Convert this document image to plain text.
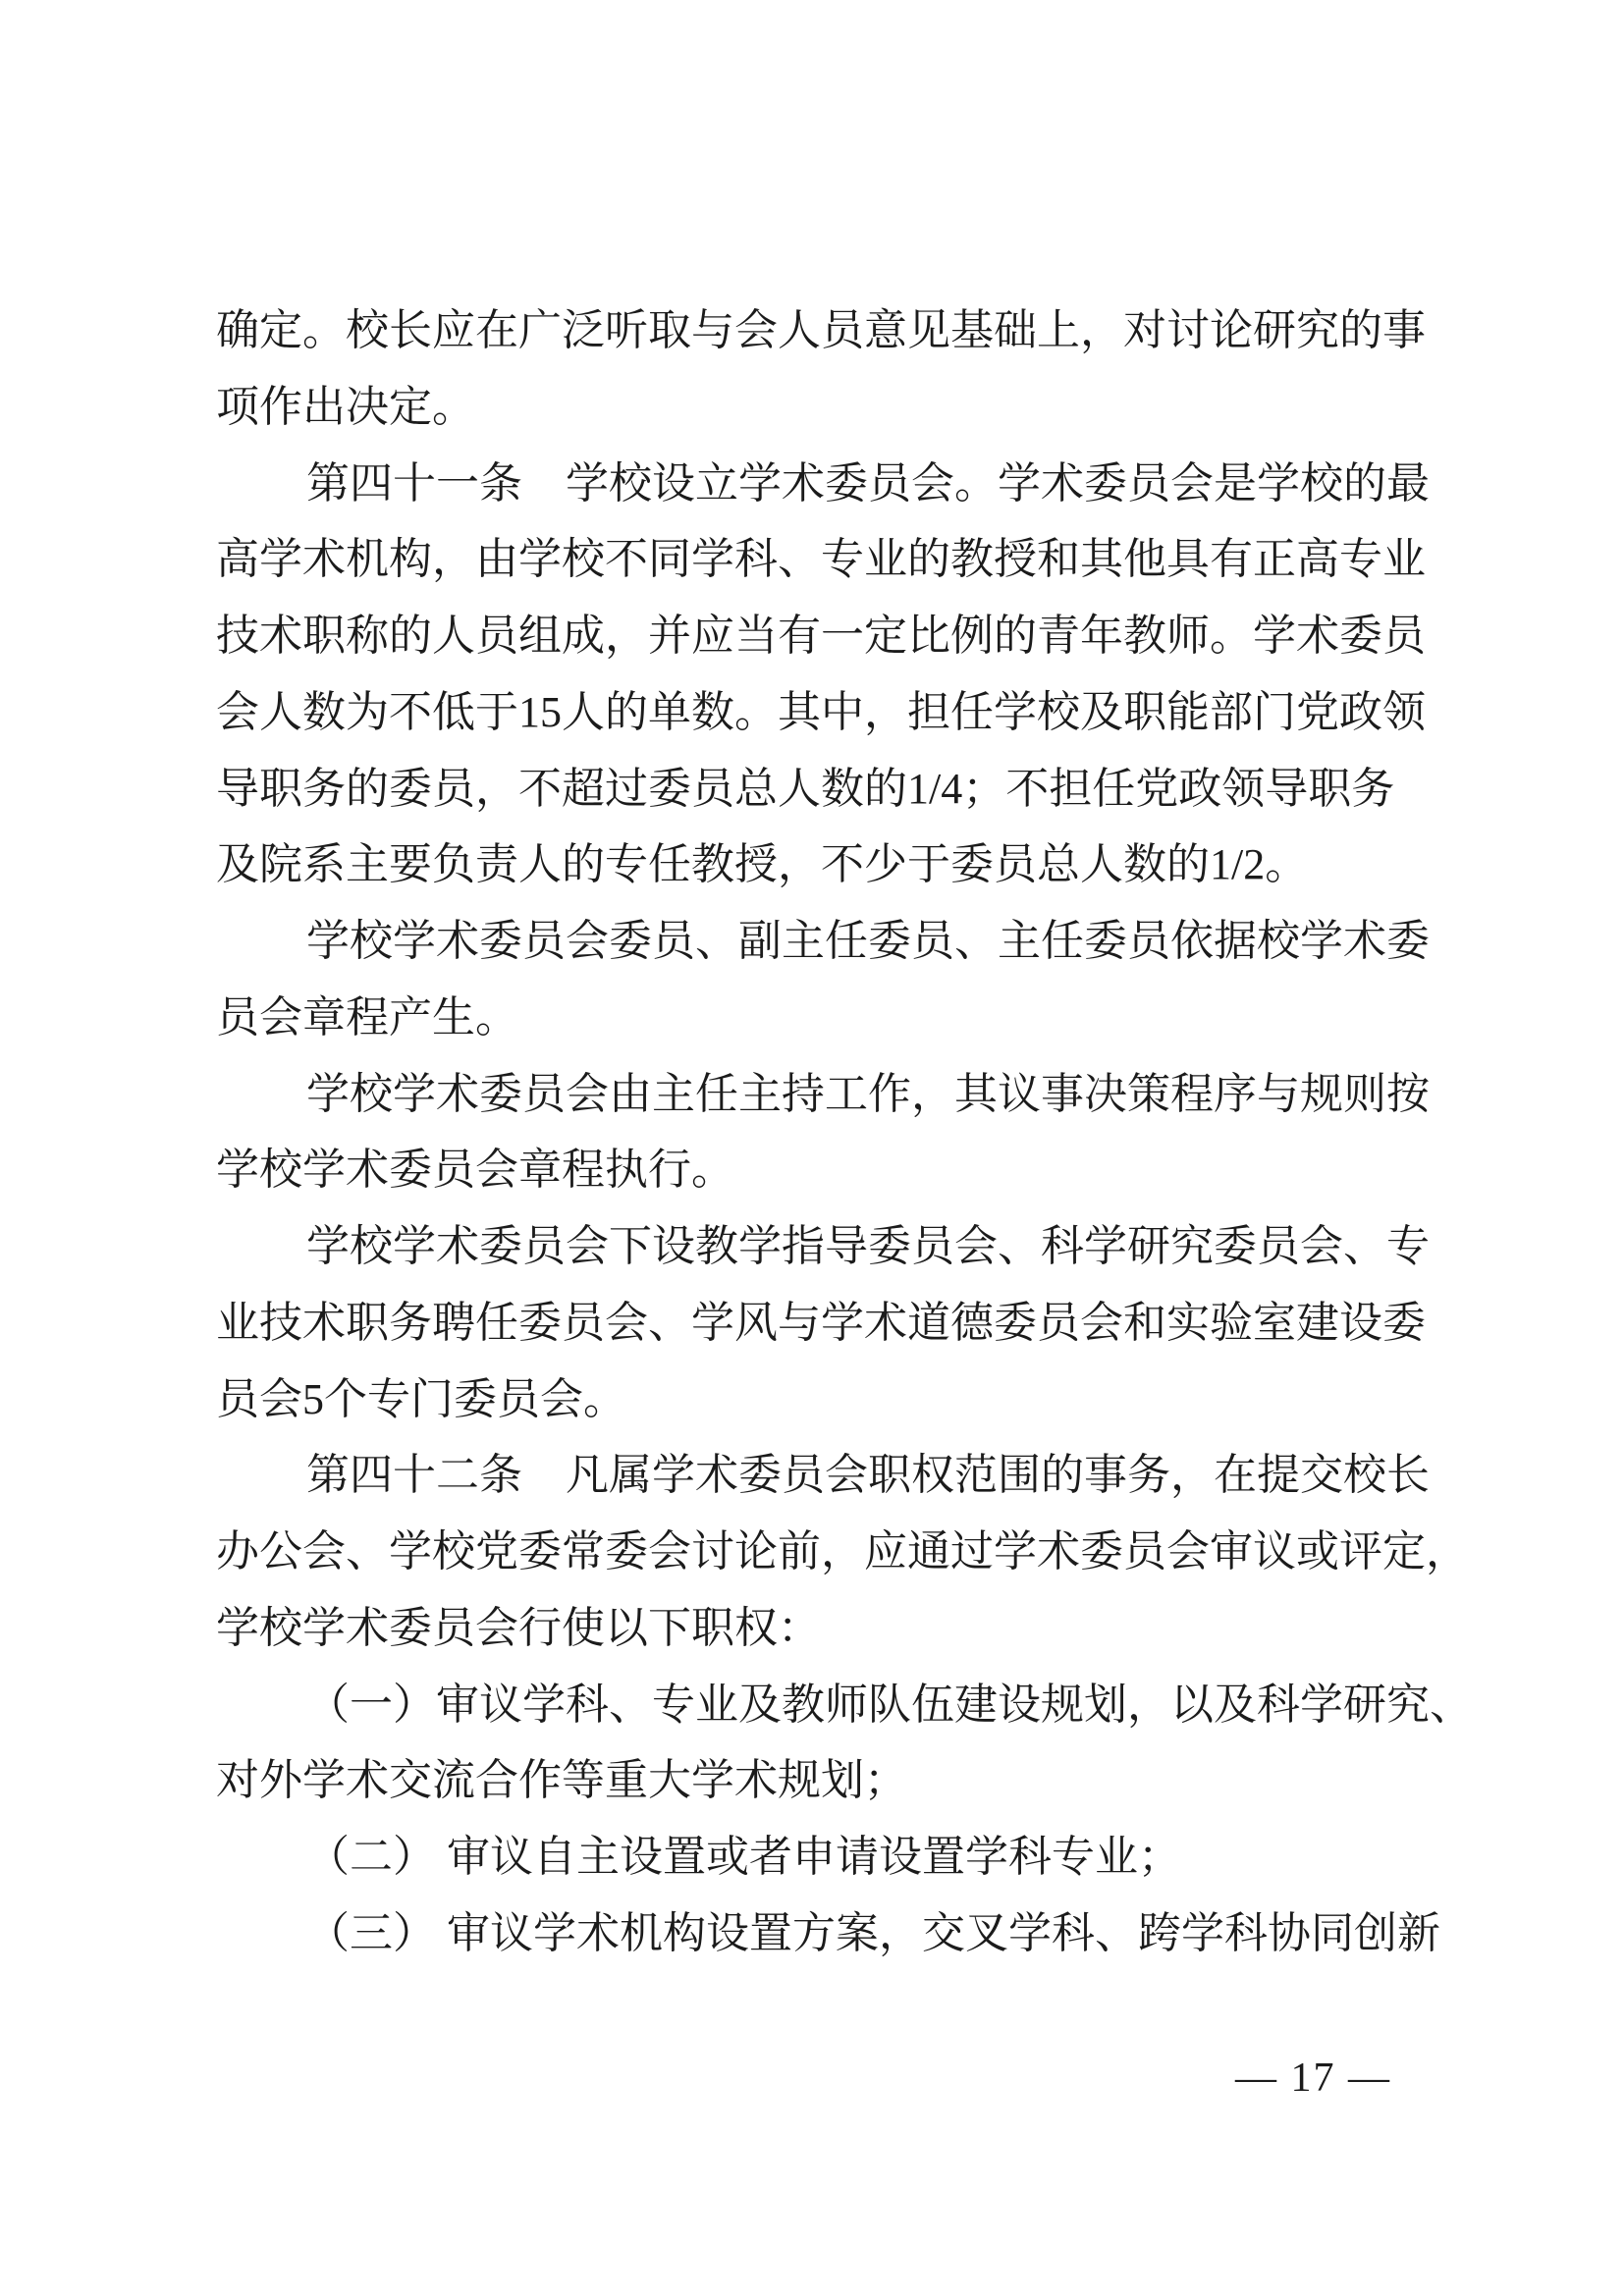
确定。校长应在广泛听取与会人员意见基础上，对讨论研究的事
项作出决定。
第四十一条　学校设立学术委员会。学术委员会是学校的最
高学术机构，由学校不同学科、专业的教授和其他具有正高专业
技术职称的人员组成，并应当有一定比例的青年教师。学术委员
会人数为不低于15人的单数。其中，担任学校及职能部门党政领
导职务的委员，不超过委员总人数的1/4；不担任党政领导职务
及院系主要负责人的专任教授，不少于委员总人数的1/2。
学校学术委员会委员、副主任委员、主任委员依据校学术委
员会章程产生。
学校学术委员会由主任主持工作，其议事决策程序与规则按
学校学术委员会章程执行。
学校学术委员会下设教学指导委员会、科学研究委员会、专
业技术职务聘任委员会、学风与学术道德委员会和实验室建设委
员会5个专门委员会。
第四十二条　凡属学术委员会职权范围的事务，在提交校长
办公会、学校党委常委会讨论前，应通过学术委员会审议或评定，
学校学术委员会行使以下职权：
（一）审议学科、专业及教师队伍建设规划，以及科学研究、
对外学术交流合作等重大学术规划；
（二） 审议自主设置或者申请设置学科专业；
（三） 审议学术机构设置方案，交叉学科、跨学科协同创新
— 17 —
